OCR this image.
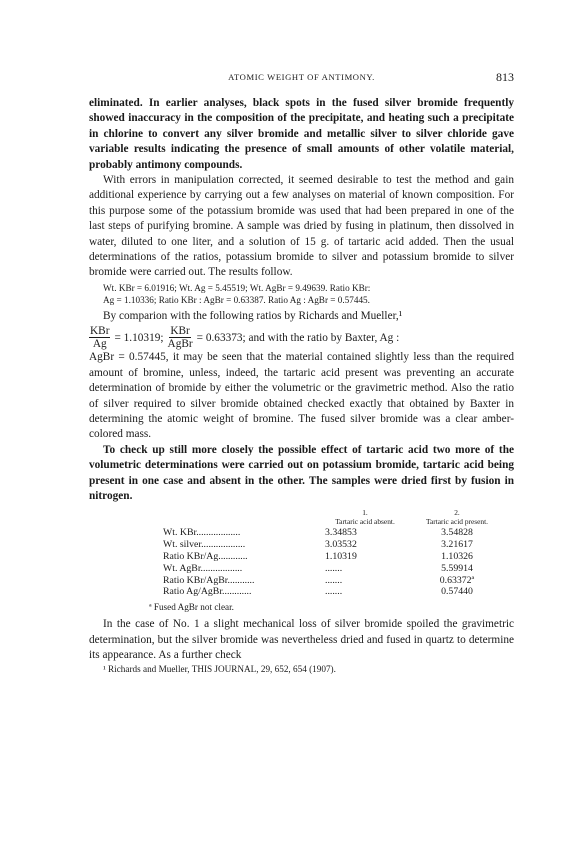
ATOMIC WEIGHT OF ANTIMONY.	813

eliminated. In earlier analyses, black spots in the fused silver bromide frequently showed inaccuracy in the composition of the precipitate, and heating such a precipitate in chlorine to convert any silver bromide and metallic silver to silver chloride gave variable results indicating the presence of small amounts of other volatile material, probably antimony compounds.

With errors in manipulation corrected, it seemed desirable to test the method and gain additional experience by carrying out a few analyses on material of known composition. For this purpose some of the potassium bromide was used that had been prepared in one of the last steps of purifying bromine. A sample was dried by fusing in platinum, then dissolved in water, diluted to one liter, and a solution of 15 g. of tartaric acid added. Then the usual determinations of the ratios, potassium bromide to silver and potassium bromide to silver bromide were carried out. The results follow.

Wt. KBr = 6.01916; Wt. Ag = 5.45519; Wt. AgBr = 9.49639. Ratio KBr:
Ag = 1.10336; Ratio KBr : AgBr = 0.63387. Ratio Ag : AgBr = 0.57445.

By comparion with the following ratios by Richards and Mueller,¹

$\frac{\text{KBr}}{Ag} = 1.10319$; $\frac{\text{KBr}}{\text{AgBr}} = 0.63373$; and with the ratio by Baxter, Ag :

AgBr = 0.57445, it may be seen that the material contained slightly less than the required amount of bromine, unless, indeed, the tartaric acid present was preventing an accurate determination of bromide by either the volumetric or the gravimetric method. Also the ratio of silver required to silver bromide obtained checked exactly that obtained by Baxter in determining the atomic weight of bromine. The fused silver bromide was a clear amber-colored mass.

To check up still more closely the possible effect of tartaric acid two more of the volumetric determinations were carried out on potassium bromide, tartaric acid being present in one case and absent in the other. The samples were dried first by fusion in nitrogen.

	1.
Tartaric acid absent.	2.
Tartaric acid present.
Wt. KBr..................	3.34853	3.54828
Wt. silver..................	3.03532	3.21617
Ratio KBr/Ag............	1.10319	1.10326
Wt. AgBr.................	.......	5.59914
Ratio KBr/AgBr...........	.......	0.63372ª
Ratio Ag/AgBr............	.......	0.57440
ª Fused AgBr not clear.

In the case of No. 1 a slight mechanical loss of silver bromide spoiled the gravimetric determination, but the silver bromide was nevertheless dried and fused in quartz to determine its appearance. As a further check

¹ Richards and Mueller, THIS JOURNAL, 29, 652, 654 (1907).
